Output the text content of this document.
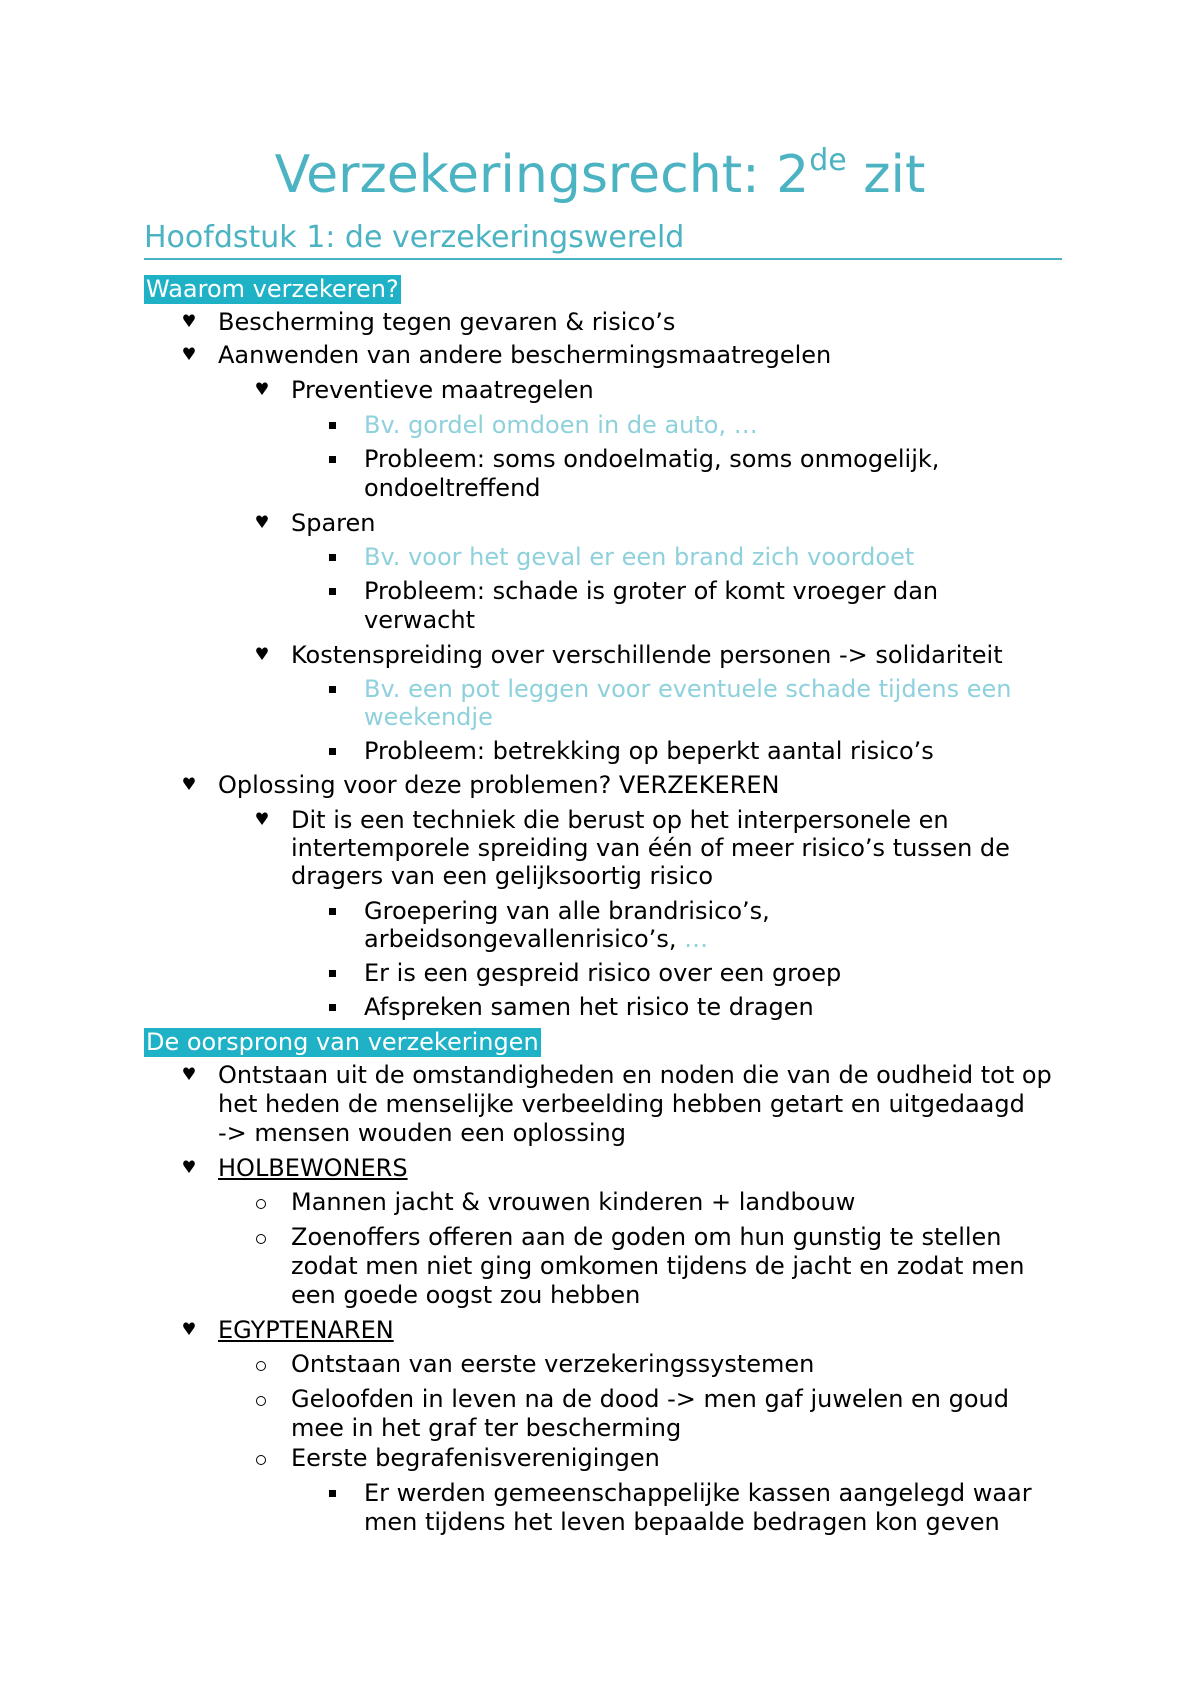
Verzekeringsrecht: 2de zit
Hoofdstuk 1: de verzekeringswereld
Waarom verzekeren?
Bescherming tegen gevaren & risico’s
Aanwenden van andere beschermingsmaatregelen
Preventieve maatregelen
Bv. gordel omdoen in de auto, …
Probleem: soms ondoelmatig, soms onmogelijk,
ondoeltreffend
Sparen
Bv. voor het geval er een brand zich voordoet
Probleem: schade is groter of komt vroeger dan
verwacht
Kostenspreiding over verschillende personen -> solidariteit
Bv. een pot leggen voor eventuele schade tijdens een
weekendje
Probleem: betrekking op beperkt aantal risico’s
Oplossing voor deze problemen? VERZEKEREN
Dit is een techniek die berust op het interpersonele en
intertemporele spreiding van één of meer risico’s tussen de
dragers van een gelijksoortig risico
Groepering van alle brandrisico’s,
arbeidsongevallenrisico’s, …
Er is een gespreid risico over een groep
Afspreken samen het risico te dragen
De oorsprong van verzekeringen
Ontstaan uit de omstandigheden en noden die van de oudheid tot op
het heden de menselijke verbeelding hebben getart en uitgedaagd
-> mensen wouden een oplossing
HOLBEWONERS
Mannen jacht & vrouwen kinderen + landbouw
Zoenoffers offeren aan de goden om hun gunstig te stellen
zodat men niet ging omkomen tijdens de jacht en zodat men
een goede oogst zou hebben
EGYPTENAREN
Ontstaan van eerste verzekeringssystemen
Geloofden in leven na de dood -> men gaf juwelen en goud
mee in het graf ter bescherming
Eerste begrafenisverenigingen
Er werden gemeenschappelijke kassen aangelegd waar
men tijdens het leven bepaalde bedragen kon geven
